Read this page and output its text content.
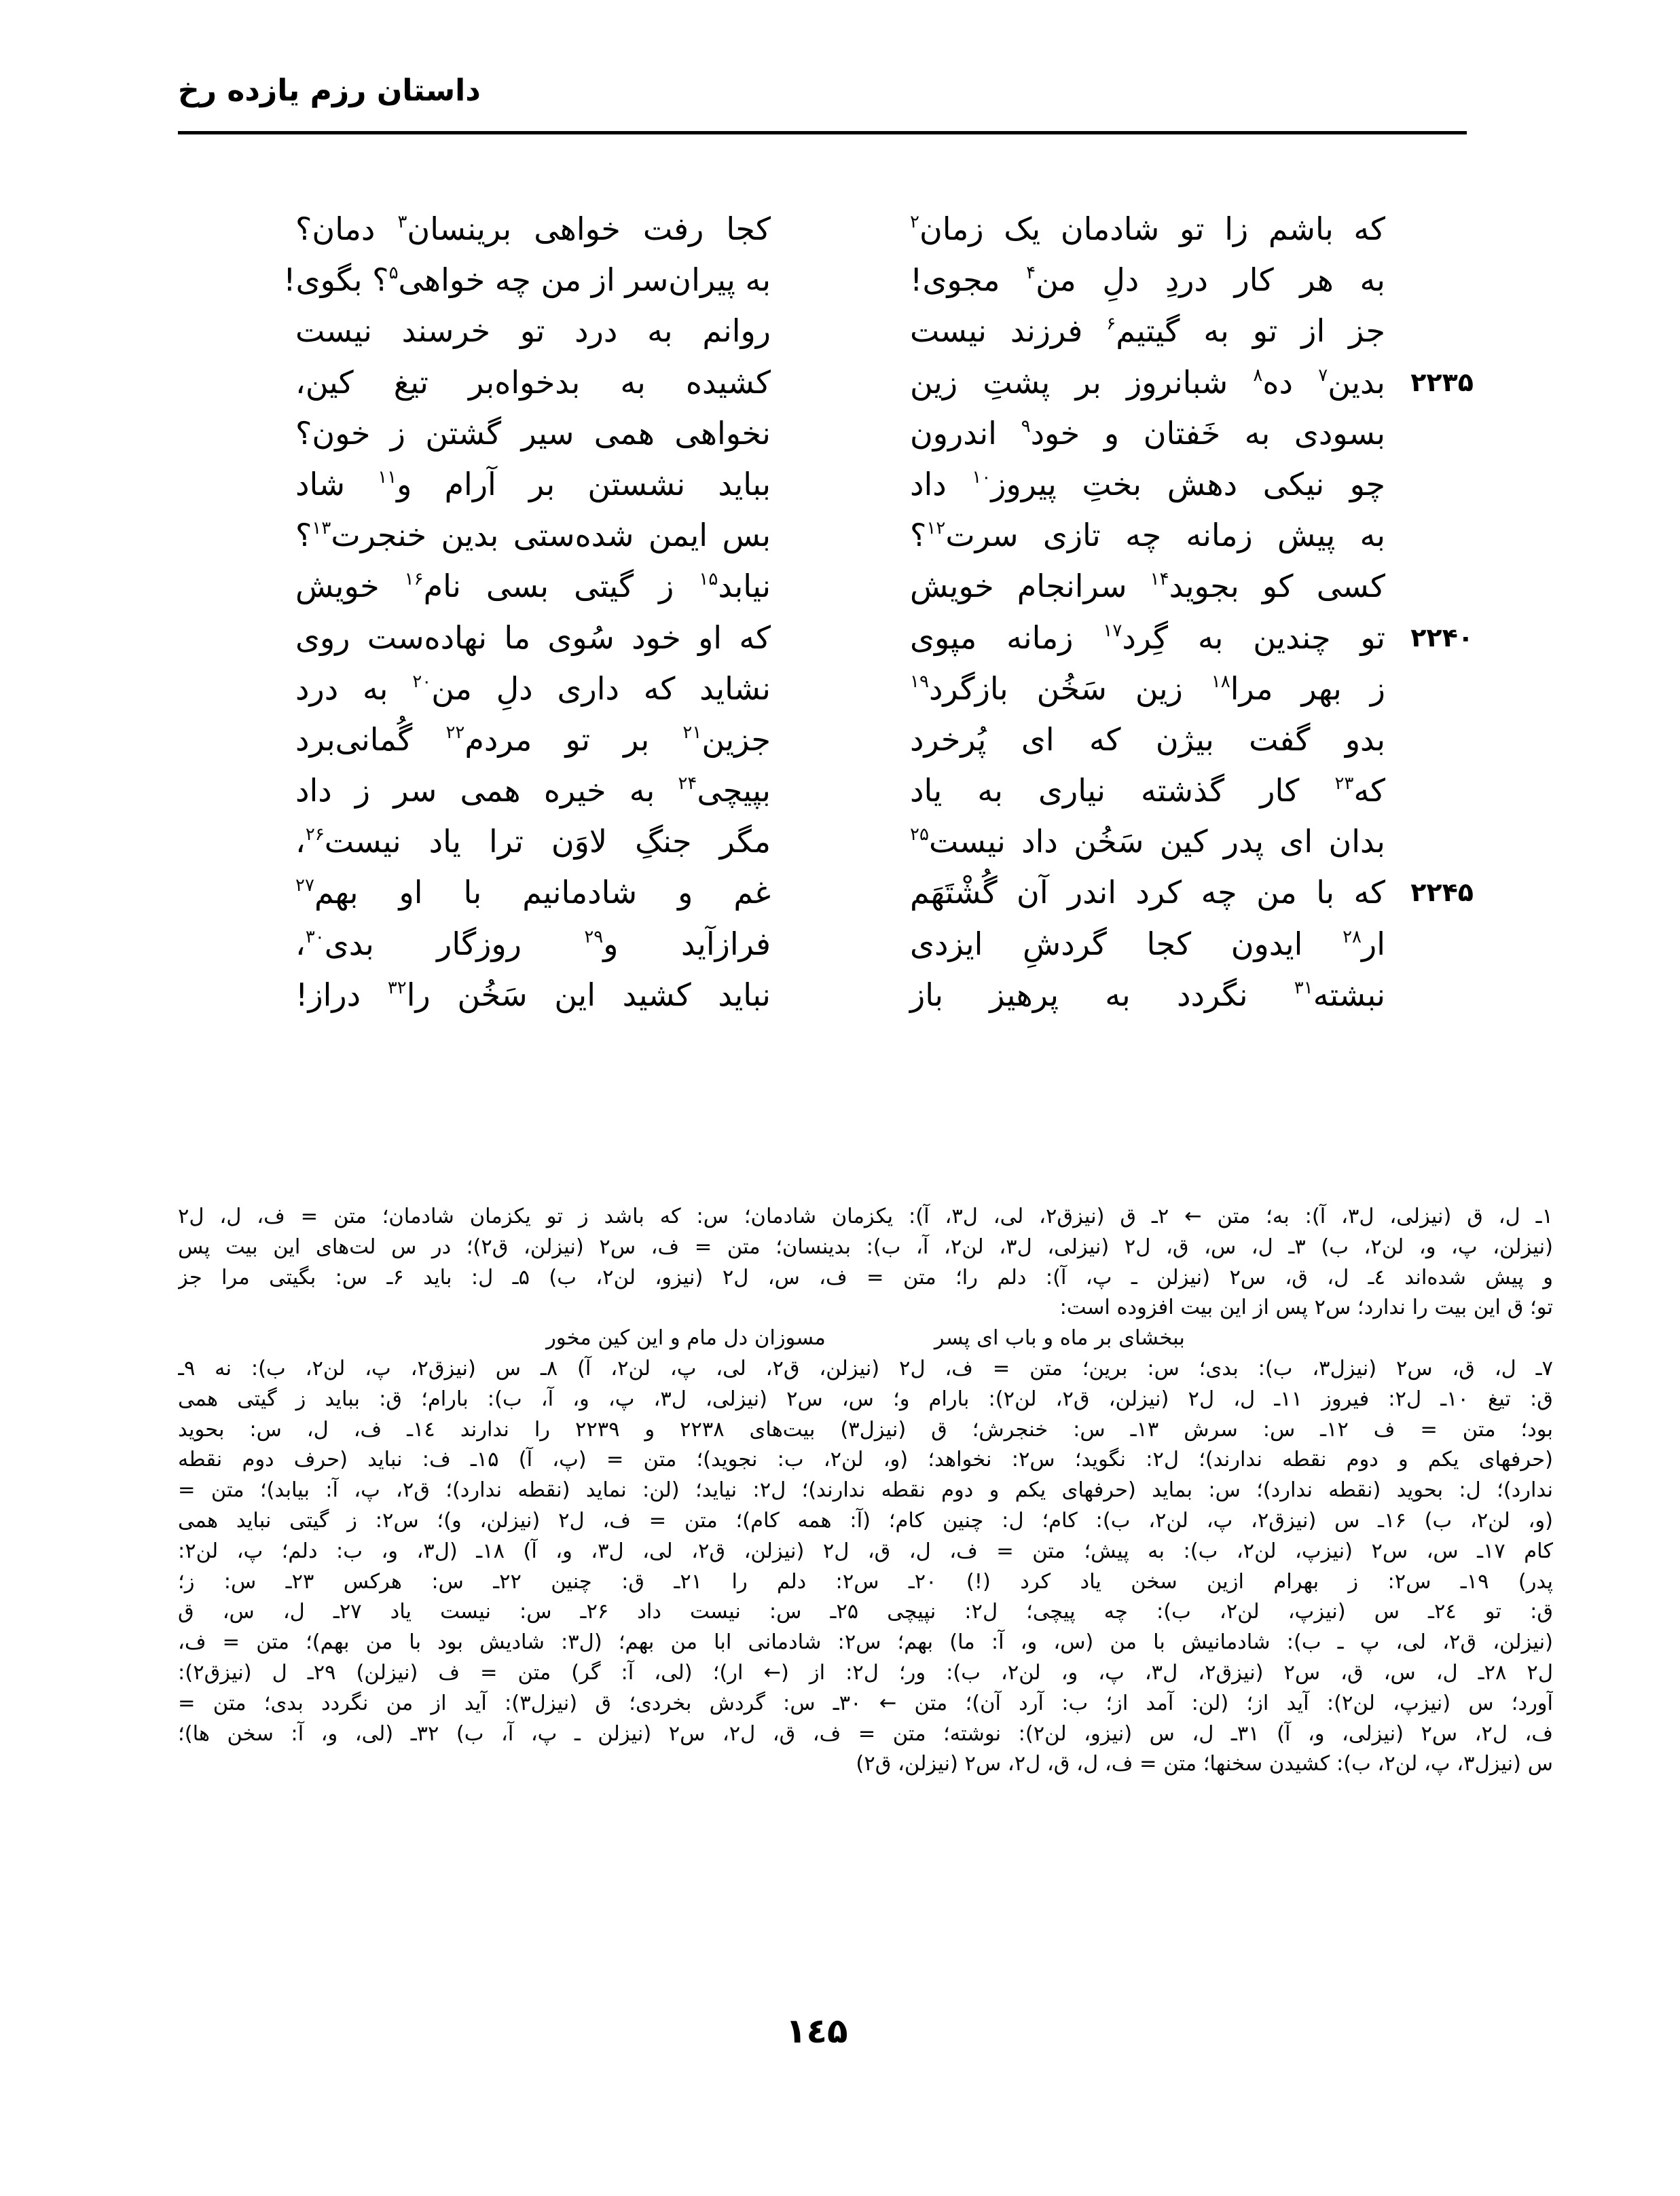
داستان رزم یازده رخ
که باشم زا تو شادمان یک زمان$^۲$
کجا رفت خواهی برینسان$^۳$ دمان؟
به هر کار دردِ دلِ من$^۴$ مجوی!
به پیران‌سر از من چه خواهی$^۵$؟ بگوی!
جز از تو به گیتیم$^۶$ فرزند نیست
روانم به درد تو خرسند نیست
۲۲۳۵
بدین$^۷$ ده$^۸$ شبانروز بر پشتِ زین
کشیده به بدخواه‌بر تیغ کین،
بسودی به خَفتان و خود$^۹$ اندرون
نخواهی همی سیر گشتن ز خون؟
چو نیکی دهش بختِ پیروز$^{۱۰}$ داد
بباید نشستن بر آرام و$^{۱۱}$ شاد
به پیش زمانه چه تازی سرت$^{۱۲}$؟
بس ایمن شده‌ستی بدین خنجرت$^{۱۳}$؟
کسی کو بجوید$^{۱۴}$ سرانجام خویش
نیابد$^{۱۵}$ ز گیتی بسی نام$^{۱۶}$ خویش
۲۲۴۰
تو چندین به گِرد$^{۱۷}$ زمانه مپوی
که او خود سُوی ما نهاده‌ست روی
ز بهر مرا$^{۱۸}$ زین سَخُن بازگرد$^{۱۹}$
نشاید که داری دلِ من$^{۲۰}$ به درد
بدو گفت بیژن که ای پُرخرد
جزین$^{۲۱}$ بر تو مردم$^{۲۲}$ گُمانی‌برد
که$^{۲۳}$ کار گذشته نیاری به یاد
بپیچی$^{۲۴}$ به خیره همی سر ز داد
بدان ای پدر کین سَخُن داد نیست$^{۲۵}$
مگر جنگِ لاوَن ترا یاد نیست$^{۲۶}$،
۲۲۴۵
که با من چه کرد اندر آن گُشْتَهَم
غم و شادمانیم با او بهم$^{۲۷}$
ار$^{۲۸}$ ایدون کجا گردشِ ایزدی
فرازآید و$^{۲۹}$ روزگار بدی$^{۳۰}$،
نبشته$^{۳۱}$ نگردد به پرهیز باز
نباید کشید این سَخُن را$^{۳۲}$ دراز!
۱ـ ل، ق (نیزلی، ل۳، آ): به؛ متن ← ۲ـ ق (نیزق۲، لی، ل۳، آ): یکزمان شادمان؛ س: که باشد ز تو یکزمان شادمان؛ متن = ف، ل، ل۲
(نیزلن، پ، و، لن۲، ب) ۳ـ ل، س، ق، ل۲ (نیزلی، ل۳، لن۲، آ، ب): بدینسان؛ متن = ف، س۲ (نیزلن، ق۲)؛ در س لت‌های این بیت پس
و پیش شده‌اند ٤ـ ل، ق، س۲ (نیزلن ـ پ، آ): دلم را؛ متن = ف، س، ل۲ (نیزو، لن۲، ب) ۵ـ ل: باید ۶ـ س: بگیتی مرا جز
تو؛ ق این بیت را ندارد؛ س۲ پس از این بیت افزوده است:
ببخشای بر ماه و باب ای پسر
مسوزان دل مام و این کین مخور
۷ـ ل، ق، س۲ (نیزل۳، ب): بدی؛ س: برین؛ متن = ف، ل۲ (نیزلن، ق۲، لی، پ، لن۲، آ) ۸ـ س (نیزق۲، پ، لن۲، ب): نه ۹ـ
ق: تیغ ۱۰ـ ل۲: فیروز ۱۱ـ ل، ل۲ (نیزلن، ق۲، لن۲): بارام و؛ س، س۲ (نیزلی، ل۳، پ، و، آ، ب): بارام؛ ق: بباید ز گیتی همی
بود؛ متن = ف ۱۲ـ س: سرش ۱۳ـ س: خنجرش؛ ق (نیزل۳) بیت‌های ۲۲۳۸ و ۲۲۳۹ را ندارند ١٤ـ ف، ل، س: بحوید
(حرفهای یکم و دوم نقطه ندارند)؛ ل۲: نگوید؛ س۲: نخواهد؛ (و، لن۲، ب: نجوید)؛ متن = (پ، آ) ۱۵ـ ف: نباید (حرف دوم نقطه
ندارد)؛ ل: بحوید (نقطه ندارد)؛ س: بماید (حرفهای یکم و دوم نقطه ندارند)؛ ل۲: نیاید؛ (لن: نماید (نقطه ندارد)؛ ق۲، پ، آ: بیابد)؛ متن =
(و، لن۲، ب) ۱۶ـ س (نیزق۲، پ، لن۲، ب): کام؛ ل: چنین کام؛ (آ: همه کام)؛ متن = ف، ل۲ (نیزلن، و)؛ س۲: ز گیتی نباید همی
کام ۱۷ـ س، س۲ (نیزپ، لن۲، ب): به پیش؛ متن = ف، ل، ق، ل۲ (نیزلن، ق۲، لی، ل۳، و، آ) ۱۸ـ (ل۳، و، ب: دلم؛ پ، لن۲:
پدر) ۱۹ـ س۲: ز بهرام ازین سخن یاد کرد (!) ۲۰ـ س۲: دلم را ۲۱ـ ق: چنین ۲۲ـ س: هرکس ۲۳ـ س: ز؛
ق: تو ۲٤ـ س (نیزپ، لن۲، ب): چه پیچی؛ ل۲: نپیچی ۲۵ـ س: نیست داد ۲۶ـ س: نیست یاد ۲۷ـ ل، س، ق
(نیزلن، ق۲، لی، پ ـ ب): شادمانیش با من (س، و، آ: ما) بهم؛ س۲: شادمانی ابا من بهم؛ (ل۳: شادیش بود با من بهم)؛ متن = ف،
ل۲ ۲۸ـ ل، س، ق، س۲ (نیزق۲، ل۳، پ، و، لن۲، ب): ور؛ ل۲: از (← ار)؛ (لی، آ: گر) متن = ف (نیزلن) ۲۹ـ ل (نیزق۲):
آورد؛ س (نیزپ، لن۲): آید از؛ (لن: آمد از؛ ب: آرد آن)؛ متن ← ۳۰ـ س: گردش بخردی؛ ق (نیزل۳): آید از من نگردد بدی؛ متن =
ف، ل۲، س۲ (نیزلی، و، آ) ۳۱ـ ل، س (نیزو، لن۲): نوشته؛ متن = ف، ق، ل۲، س۲ (نیزلن ـ پ، آ، ب) ۳۲ـ (لی، و، آ: سخن ها)؛
س (نیزل۳، پ، لن۲، ب): کشیدن سخنها؛ متن = ف، ل، ق، ل۲، س۲ (نیزلن، ق۲)
۱٤۵
